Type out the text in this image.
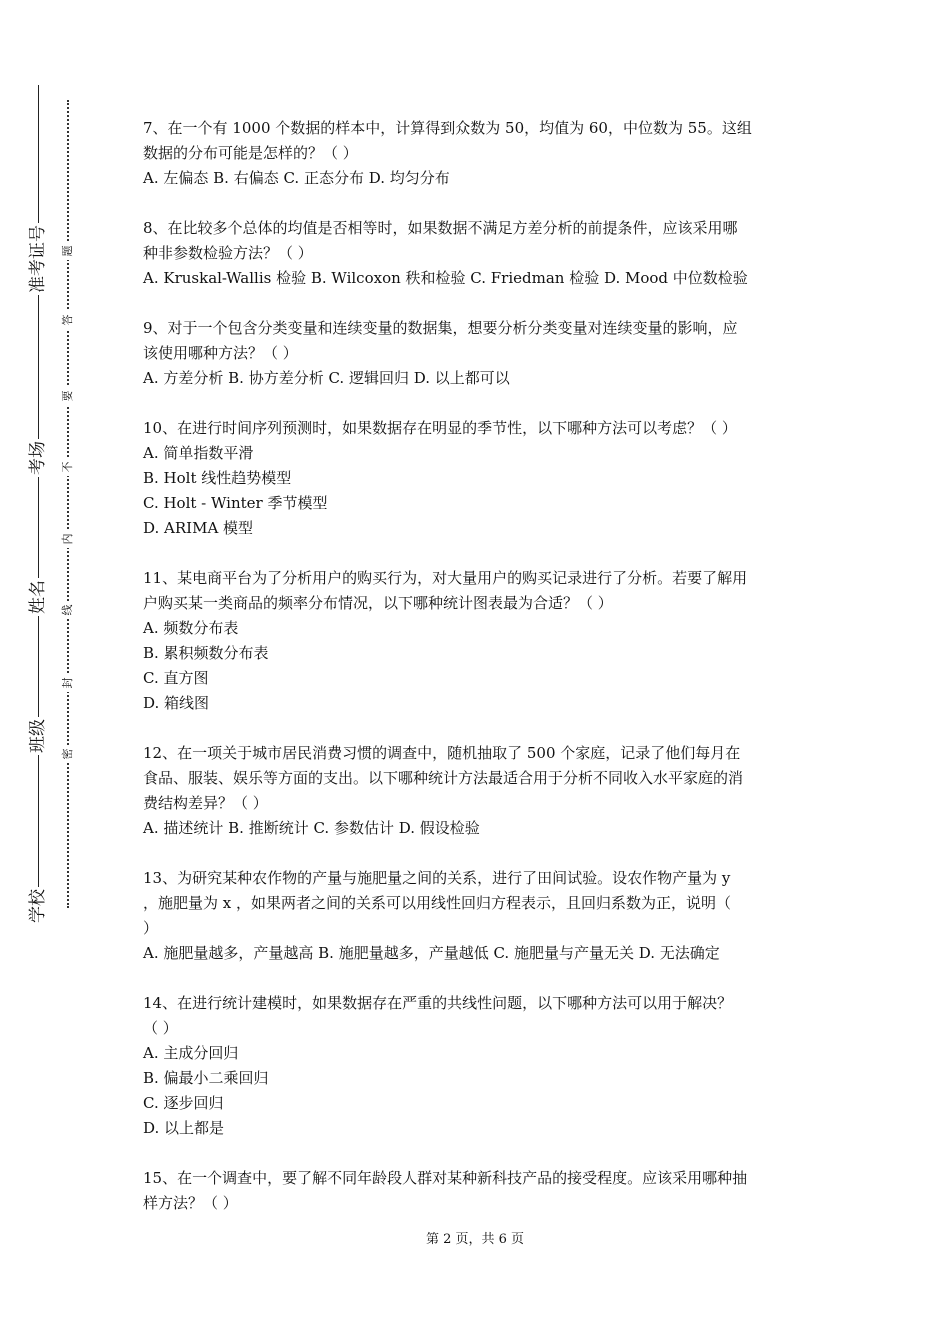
准考证号
考场
姓名
班级
学校
题
答
要
不
内
线
封
密
7、在一个有 1000 个数据的样本中，计算得到众数为 50，均值为 60，中位数为 55。这组
数据的分布可能是怎样的？（ ）
A. 左偏态 B. 右偏态 C. 正态分布 D. 均匀分布
8、在比较多个总体的均值是否相等时，如果数据不满足方差分析的前提条件，应该采用哪
种非参数检验方法？（ ）
A. Kruskal-Wallis 检验 B. Wilcoxon 秩和检验 C. Friedman 检验 D. Mood 中位数检验
9、对于一个包含分类变量和连续变量的数据集，想要分析分类变量对连续变量的影响，应
该使用哪种方法？（ ）
A. 方差分析 B. 协方差分析 C. 逻辑回归 D. 以上都可以
10、在进行时间序列预测时，如果数据存在明显的季节性，以下哪种方法可以考虑？（ ）
A. 简单指数平滑
B. Holt 线性趋势模型
C. Holt - Winter 季节模型
D. ARIMA 模型
11、某电商平台为了分析用户的购买行为，对大量用户的购买记录进行了分析。若要了解用
户购买某一类商品的频率分布情况，以下哪种统计图表最为合适？（ ）
A. 频数分布表
B. 累积频数分布表
C. 直方图
D. 箱线图
12、在一项关于城市居民消费习惯的调查中，随机抽取了 500 个家庭，记录了他们每月在
食品、服装、娱乐等方面的支出。以下哪种统计方法最适合用于分析不同收入水平家庭的消
费结构差异？（ ）
A. 描述统计 B. 推断统计 C. 参数估计 D. 假设检验
13、为研究某种农作物的产量与施肥量之间的关系，进行了田间试验。设农作物产量为 y
，施肥量为 x ，如果两者之间的关系可以用线性回归方程表示，且回归系数为正，说明（
）
A. 施肥量越多，产量越高 B. 施肥量越多，产量越低 C. 施肥量与产量无关 D. 无法确定
14、在进行统计建模时，如果数据存在严重的共线性问题，以下哪种方法可以用于解决？
（ ）
A. 主成分回归
B. 偏最小二乘回归
C. 逐步回归
D. 以上都是
15、在一个调查中，要了解不同年龄段人群对某种新科技产品的接受程度。应该采用哪种抽
样方法？（ ）
第 2 页，共 6 页
